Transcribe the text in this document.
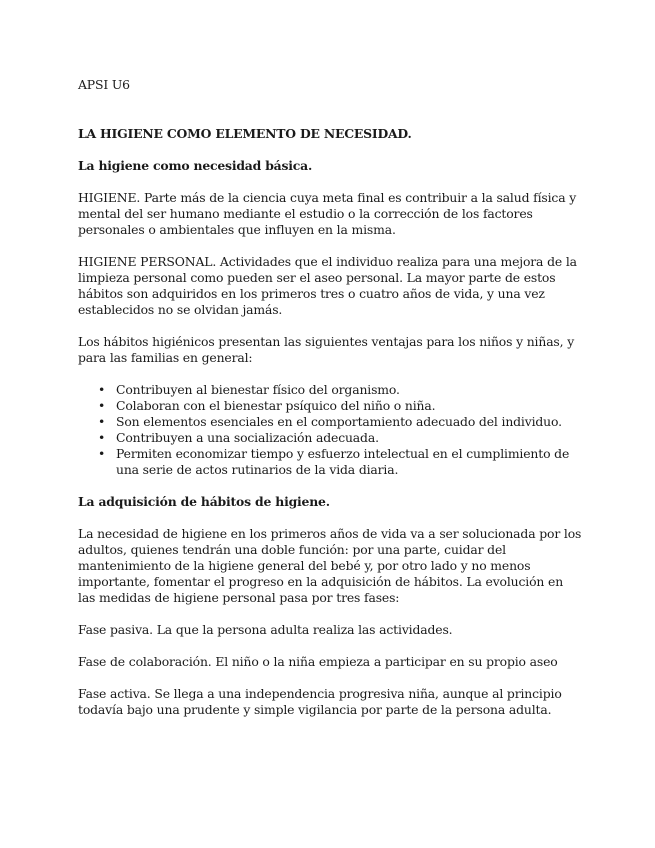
APSI U6

LA HIGIENE COMO ELEMENTO DE NECESIDAD.

La higiene como necesidad básica.

HIGIENE. Parte más de la ciencia cuya meta final es contribuir a la salud física y mental del ser humano mediante el estudio o la corrección de los factores personales o ambientales que influyen en la misma.

HIGIENE PERSONAL. Actividades que el individuo realiza para una mejora de la limpieza personal como pueden ser el aseo personal. La mayor parte de estos hábitos son adquiridos en los primeros tres o cuatro años de vida, y una vez establecidos no se olvidan jamás.

Los hábitos higiénicos presentan las siguientes ventajas para los niños y niñas, y para las familias en general:

• Contribuyen al bienestar físico del organismo.
• Colaboran con el bienestar psíquico del niño o niña.
• Son elementos esenciales en el comportamiento adecuado del individuo.
• Contribuyen a una socialización adecuada.
• Permiten economizar tiempo y esfuerzo intelectual en el cumplimiento de una serie de actos rutinarios de la vida diaria.

La adquisición de hábitos de higiene.

La necesidad de higiene en los primeros años de vida va a ser solucionada por los adultos, quienes tendrán una doble función: por una parte, cuidar del mantenimiento de la higiene general del bebé y, por otro lado y no menos importante, fomentar el progreso en la adquisición de hábitos. La evolución en las medidas de higiene personal pasa por tres fases:

Fase pasiva. La que la persona adulta realiza las actividades.

Fase de colaboración. El niño o la niña empieza a participar en su propio aseo

Fase activa. Se llega a una independencia progresiva niña, aunque al principio todavía bajo una prudente y simple vigilancia por parte de la persona adulta.
